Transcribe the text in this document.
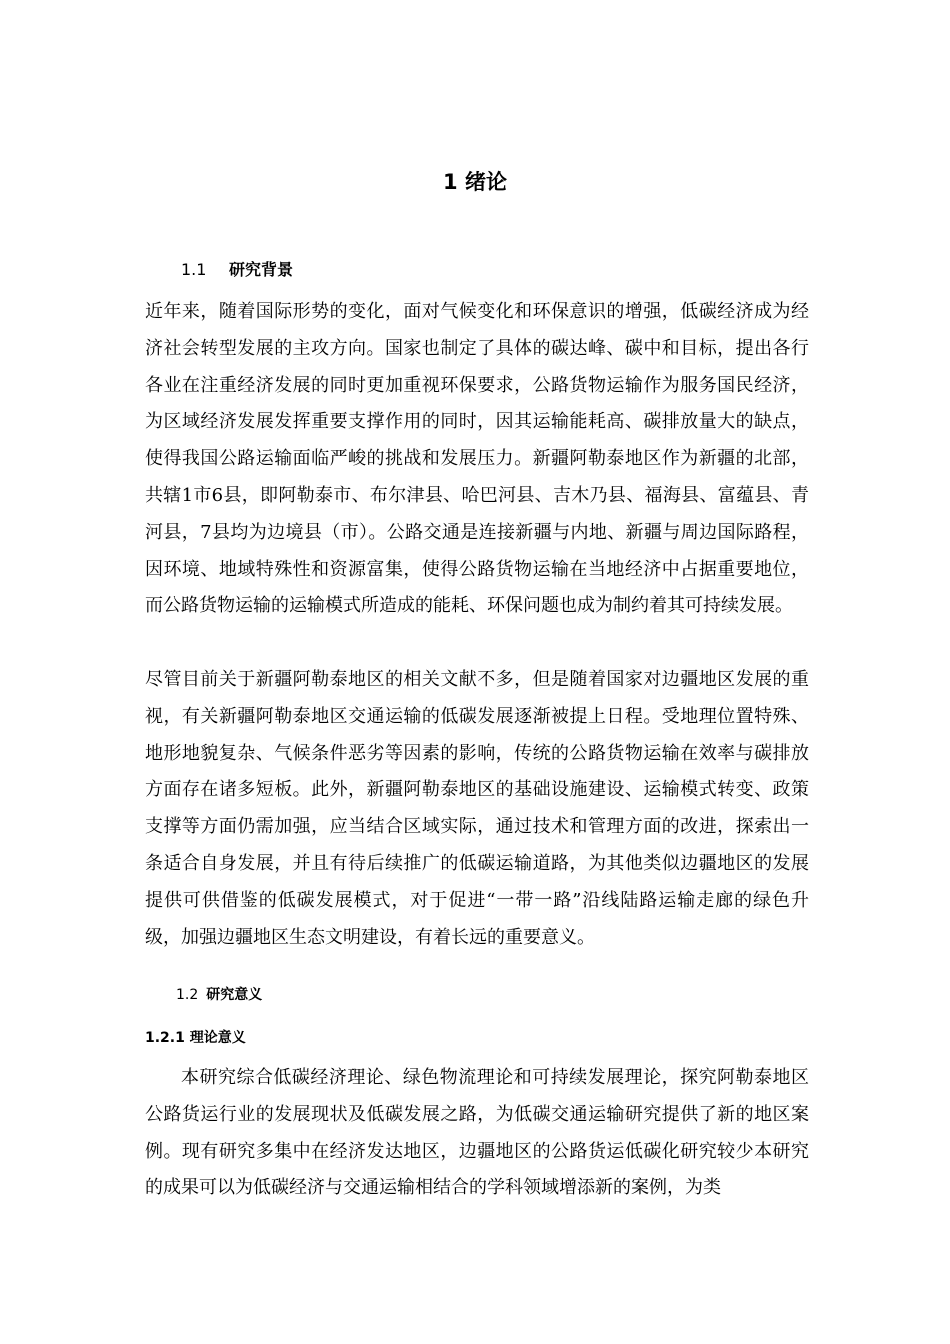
1 绪论
1.1 研究背景

近年来，随着国际形势的变化，面对气候变化和环保意识的增强，低碳经济成为经济社会转型发展的主攻方向。国家也制定了具体的碳达峰、碳中和目标，提出各行各业在注重经济发展的同时更加重视环保要求，公路货物运输作为服务国民经济，为区域经济发展发挥重要支撑作用的同时，因其运输能耗高、碳排放量大的缺点，使得我国公路运输面临严峻的挑战和发展压力。新疆阿勒泰地区作为新疆的北部，共辖1市6县，即阿勒泰市、布尔津县、哈巴河县、吉木乃县、福海县、富蕴县、青河县，7县均为边境县（市）。公路交通是连接新疆与内地、新疆与周边国际路程，因环境、地域特殊性和资源富集，使得公路货物运输在当地经济中占据重要地位，而公路货物运输的运输模式所造成的能耗、环保问题也成为制约着其可持续发展。

尽管目前关于新疆阿勒泰地区的相关文献不多，但是随着国家对边疆地区发展的重视，有关新疆阿勒泰地区交通运输的低碳发展逐渐被提上日程。受地理位置特殊、地形地貌复杂、气候条件恶劣等因素的影响，传统的公路货物运输在效率与碳排放方面存在诸多短板。此外，新疆阿勒泰地区的基础设施建设、运输模式转变、政策支撑等方面仍需加强，应当结合区域实际，通过技术和管理方面的改进，探索出一条适合自身发展，并且有待后续推广的低碳运输道路，为其他类似边疆地区的发展提供可供借鉴的低碳发展模式，对于促进“一带一路”沿线陆路运输走廊的绿色升级，加强边疆地区生态文明建设，有着长远的重要意义。

1.2 研究意义
1.2.1 理论意义

本研究综合低碳经济理论、绿色物流理论和可持续发展理论，探究阿勒泰地区公路货运行业的发展现状及低碳发展之路，为低碳交通运输研究提供了新的地区案例。现有研究多集中在经济发达地区，边疆地区的公路货运低碳化研究较少本研究的成果可以为低碳经济与交通运输相结合的学科领域增添新的案例，为类
